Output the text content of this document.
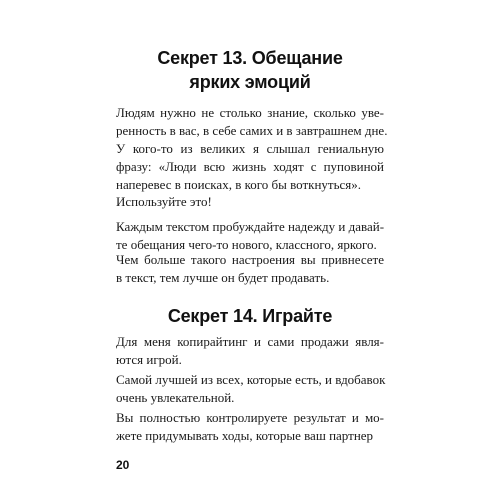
Секрет 13. Обещание
ярких эмоций
Людям нужно не столько знание, сколько уве-
ренность в вас, в себе самих и в завтрашнем дне.
У кого-то из великих я слышал гениальную
фразу: «Люди всю жизнь ходят с пуповиной
наперевес в поисках, в кого бы воткнуться».
Используйте это!
Каждым текстом пробуждайте надежду и давай-
те обещания чего-то нового, классного, яркого.
Чем больше такого настроения вы привнесете
в текст, тем лучше он будет продавать.
Секрет 14. Играйте
Для меня копирайтинг и сами продажи явля-
ются игрой.
Самой лучшей из всех, которые есть, и вдобавок
очень увлекательной.
Вы полностью контролируете результат и мо-
жете придумывать ходы, которые ваш партнер
20
